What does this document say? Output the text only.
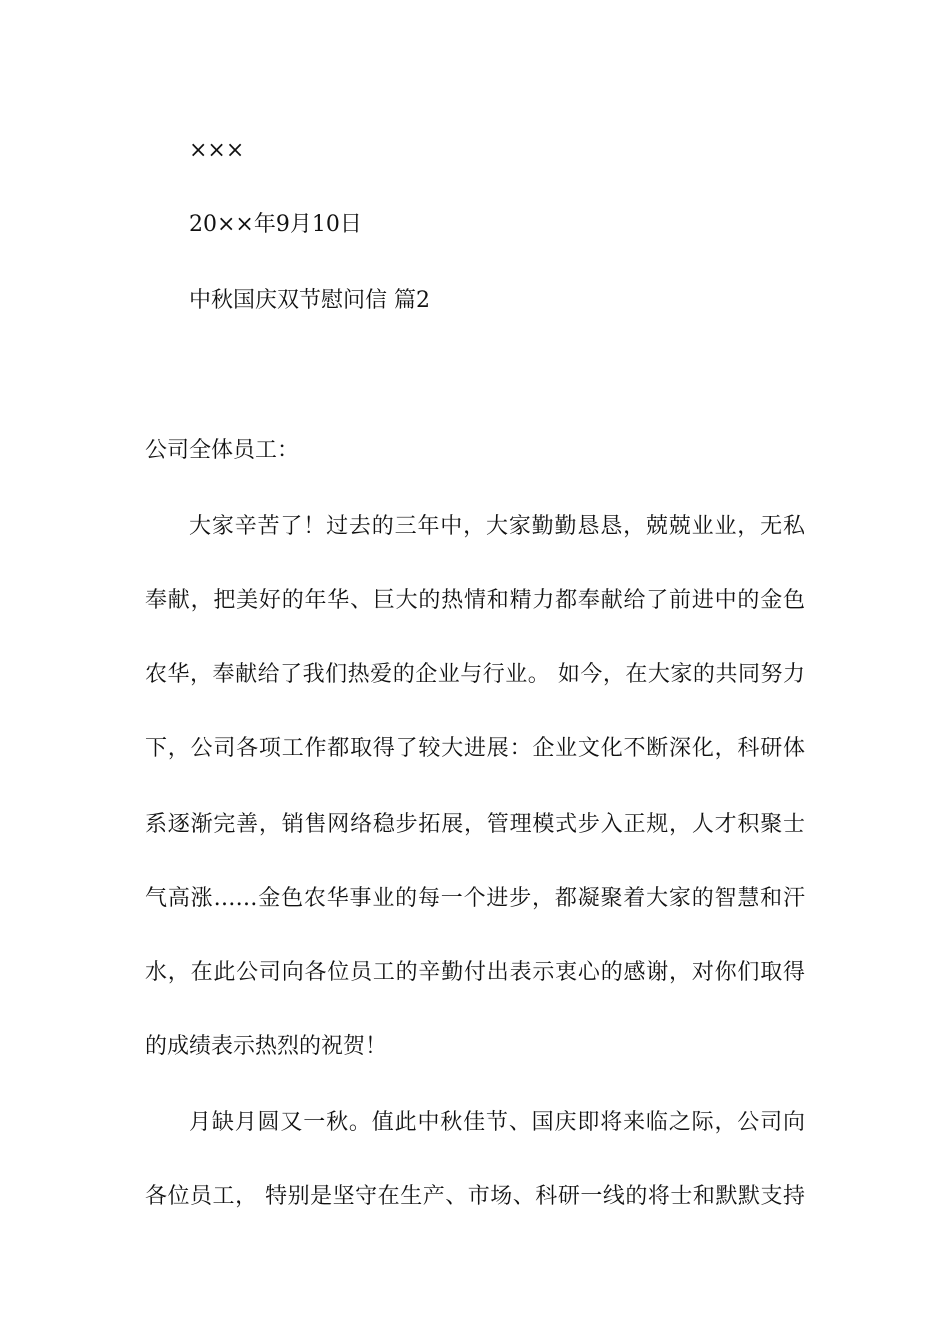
×××
20××年9月10日
中秋国庆双节慰问信 篇2
公司全体员工：
大家辛苦了！过去的三年中，大家勤勤恳恳，兢兢业业，无私
奉献，把美好的年华、巨大的热情和精力都奉献给了前进中的金色
农华，奉献给了我们热爱的企业与行业。 如今，在大家的共同努力
下，公司各项工作都取得了较大进展：企业文化不断深化，科研体
系逐渐完善，销售网络稳步拓展，管理模式步入正规，人才积聚士
气高涨……金色农华事业的每一个进步，都凝聚着大家的智慧和汗
水，在此公司向各位员工的辛勤付出表示衷心的感谢，对你们取得
的成绩表示热烈的祝贺！
月缺月圆又一秋。值此中秋佳节、国庆即将来临之际，公司向
各位员工， 特别是坚守在生产、市场、科研一线的将士和默默支持
